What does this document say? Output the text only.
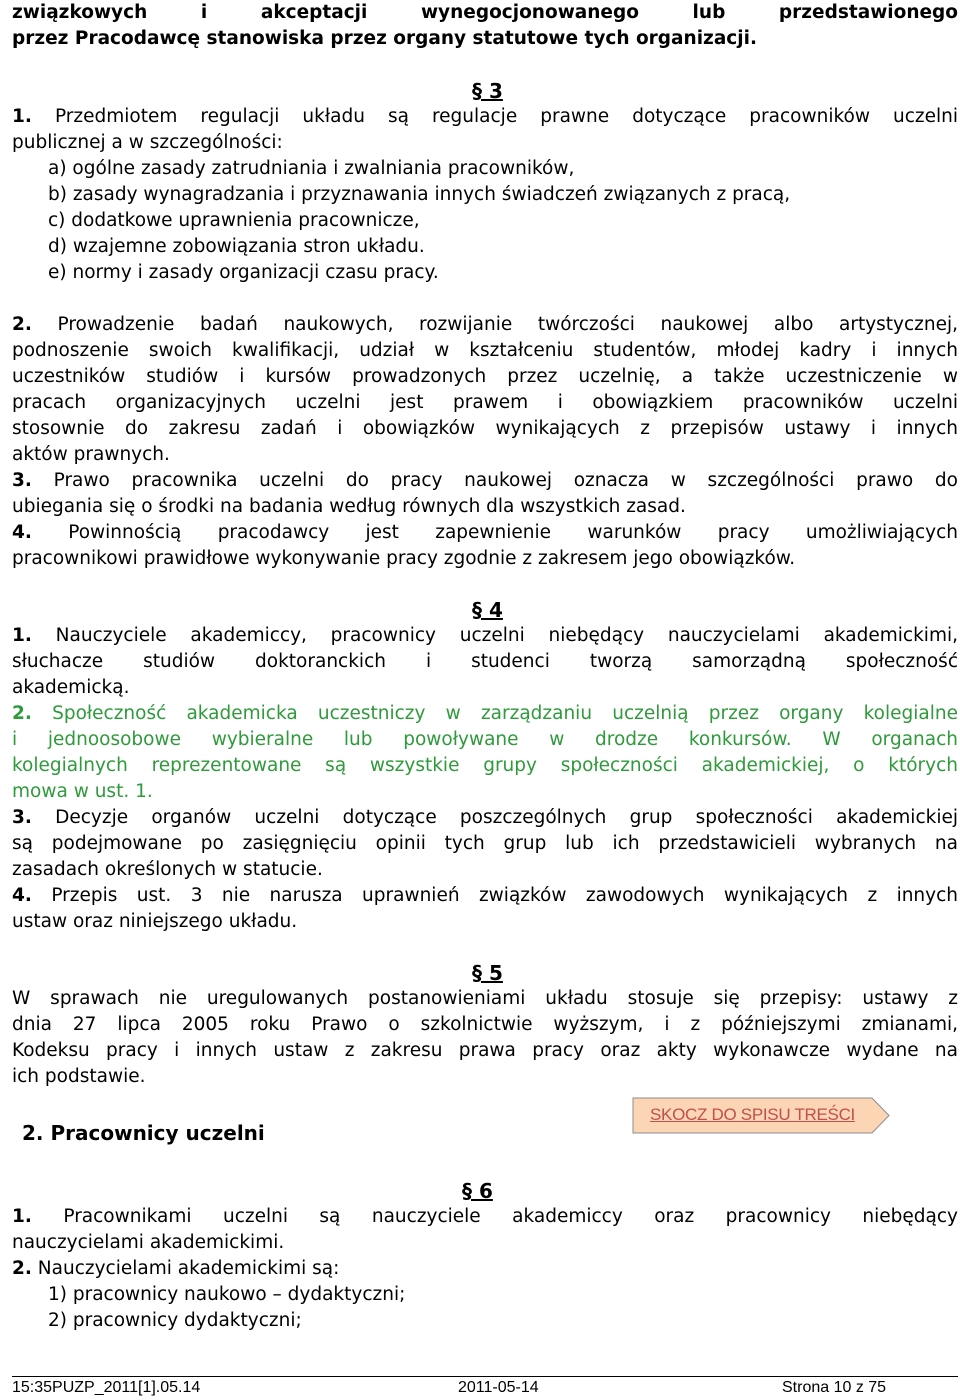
związkowych i akceptacji wynegocjonowanego lub przedstawionego
przez Pracodawcę stanowiska przez organy statutowe tych organizacji.
§ 3
1. Przedmiotem regulacji układu są regulacje prawne dotyczące pracowników uczelni
publicznej a w szczególności:
a) ogólne zasady zatrudniania i zwalniania pracowników,
b) zasady wynagradzania i przyznawania innych świadczeń związanych z pracą,
c) dodatkowe uprawnienia pracownicze,
d) wzajemne zobowiązania stron układu.
e) normy i zasady organizacji czasu pracy.
2. Prowadzenie badań naukowych, rozwijanie twórczości naukowej albo artystycznej,
podnoszenie swoich kwalifikacji, udział w kształceniu studentów, młodej kadry i innych
uczestników studiów i kursów prowadzonych przez uczelnię, a także uczestniczenie w
pracach organizacyjnych uczelni jest prawem i obowiązkiem pracowników uczelni
stosownie do zakresu zadań i obowiązków wynikających z przepisów ustawy i innych
aktów prawnych.
3. Prawo pracownika uczelni do pracy naukowej oznacza w szczególności prawo do
ubiegania się o środki na badania według równych dla wszystkich zasad.
4. Powinnością pracodawcy jest zapewnienie warunków pracy umożliwiających
pracownikowi prawidłowe wykonywanie pracy zgodnie z zakresem jego obowiązków.
§ 4
1. Nauczyciele akademiccy, pracownicy uczelni niebędący nauczycielami akademickimi,
słuchacze studiów doktoranckich i studenci tworzą samorządną społeczność
akademicką.
2. Społeczność akademicka uczestniczy w zarządzaniu uczelnią przez organy kolegialne
i jednoosobowe wybieralne lub powoływane w drodze konkursów. W organach
kolegialnych reprezentowane są wszystkie grupy społeczności akademickiej, o których
mowa w ust. 1.
3. Decyzje organów uczelni dotyczące poszczególnych grup społeczności akademickiej
są podejmowane po zasięgnięciu opinii tych grup lub ich przedstawicieli wybranych na
zasadach określonych w statucie.
4. Przepis ust. 3 nie narusza uprawnień związków zawodowych wynikających z innych
ustaw oraz niniejszego układu.
§ 5
W sprawach nie uregulowanych postanowieniami układu stosuje się przepisy: ustawy z
dnia 27 lipca 2005 roku Prawo o szkolnictwie wyższym, i z późniejszymi zmianami,
Kodeksu pracy i innych ustaw z zakresu prawa pracy oraz akty wykonawcze wydane na
ich podstawie.
2. Pracownicy uczelni
§ 6
1. Pracownikami uczelni są nauczyciele akademiccy oraz pracownicy niebędący
nauczycielami akademickimi.
2. Nauczycielami akademickimi są:
1) pracownicy naukowo – dydaktyczni;
2) pracownicy dydaktyczni;
SKOCZ DO SPISU TREŚCI
15:35PUZP_2011[1].05.14	2011-05-14	Strona 10 z 75
